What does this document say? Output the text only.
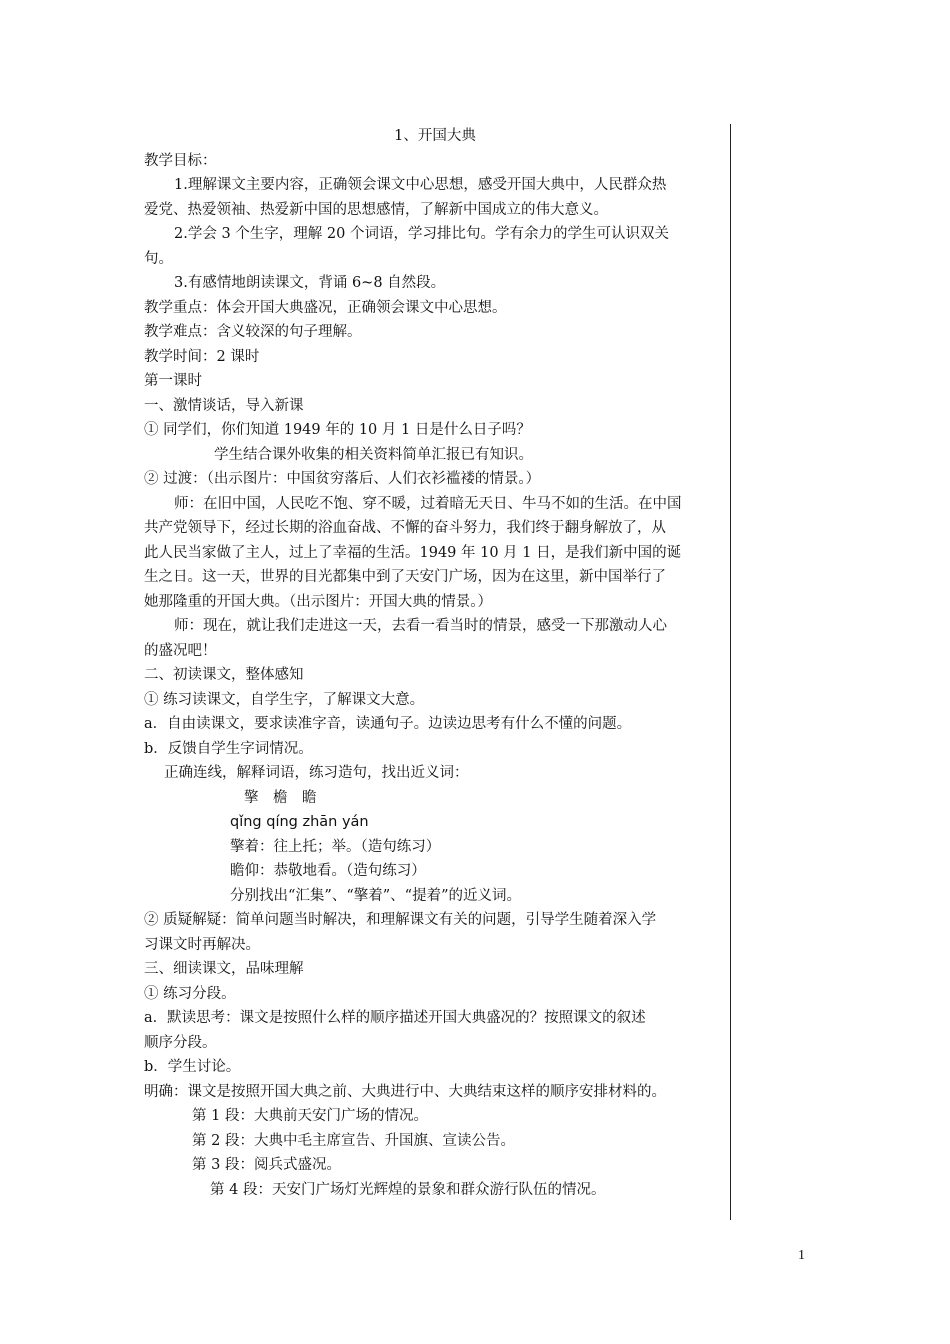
1、开国大典
教学目标：
1.理解课文主要内容，正确领会课文中心思想，感受开国大典中，人民群众热
爱党、热爱领袖、热爱新中国的思想感情，了解新中国成立的伟大意义。
2.学会 3 个生字，理解 20 个词语，学习排比句。学有余力的学生可认识双关
句。
3.有感情地朗读课文，背诵 6~8 自然段。
教学重点：体会开国大典盛况，正确领会课文中心思想。
教学难点：含义较深的句子理解。
教学时间：2 课时
第一课时
一、激情谈话，导入新课
① 同学们，你们知道 1949 年的 10 月 1 日是什么日子吗？
学生结合课外收集的相关资料简单汇报已有知识。
② 过渡：（出示图片：中国贫穷落后、人们衣衫褴褛的情景。）
师：在旧中国，人民吃不饱、穿不暖，过着暗无天日、牛马不如的生活。在中国
共产党领导下，经过长期的浴血奋战、不懈的奋斗努力，我们终于翻身解放了，从
此人民当家做了主人，过上了幸福的生活。1949 年 10 月 1 日，是我们新中国的诞
生之日。这一天，世界的目光都集中到了天安门广场，因为在这里，新中国举行了
她那隆重的开国大典。（出示图片：开国大典的情景。）
师：现在，就让我们走进这一天，去看一看当时的情景，感受一下那激动人心
的盛况吧！
二、初读课文，整体感知
① 练习读课文，自学生字，了解课文大意。
a．自由读课文，要求读准字音，读通句子。边读边思考有什么不懂的问题。
b．反馈自学生字词情况。
正确连线，解释词语，练习造句，找出近义词：
擎　檐　瞻
qǐng qíng zhān yán
擎着：往上托；举。（造句练习）
瞻仰：恭敬地看。（造句练习）
分别找出“汇集”、“擎着”、“提着”的近义词。
② 质疑解疑：简单问题当时解决，和理解课文有关的问题，引导学生随着深入学
习课文时再解决。
三、细读课文，品味理解
① 练习分段。
a．默读思考：课文是按照什么样的顺序描述开国大典盛况的？按照课文的叙述
顺序分段。
b．学生讨论。
明确：课文是按照开国大典之前、大典进行中、大典结束这样的顺序安排材料的。
第 1 段：大典前天安门广场的情况。
第 2 段：大典中毛主席宣告、升国旗、宣读公告。
第 3 段：阅兵式盛况。
第 4 段：天安门广场灯光辉煌的景象和群众游行队伍的情况。
1
